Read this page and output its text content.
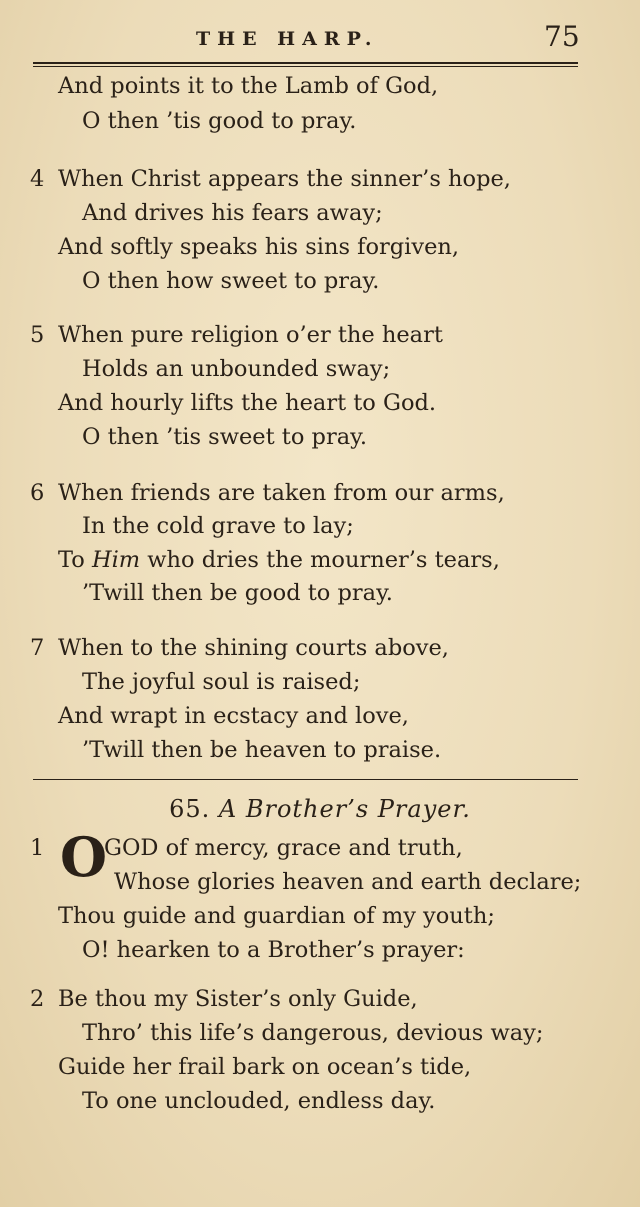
THE HARP.	75
And points it to the Lamb of God,
O then ’tis good to pray.
4 When Christ appears the sinner’s hope,
And drives his fears away;
And softly speaks his sins forgiven,
O then how sweet to pray.
5 When pure religion o’er the heart
Holds an unbounded sway;
And hourly lifts the heart to God.
O then ’tis sweet to pray.
6 When friends are taken from our arms,
In the cold grave to lay;
To Him who dries the mourner’s tears,
’Twill then be good to pray.
7 When to the shining courts above,
The joyful soul is raised;
And wrapt in ecstacy and love,
’Twill then be heaven to praise.
65. A Brother’s Prayer.
1 O
GOD of mercy, grace and truth,
Whose glories heaven and earth declare;
Thou guide and guardian of my youth;
O! hearken to a Brother’s prayer:
2 Be thou my Sister’s only Guide,
Thro’ this life’s dangerous, devious way;
Guide her frail bark on ocean’s tide,
To one unclouded, endless day.
